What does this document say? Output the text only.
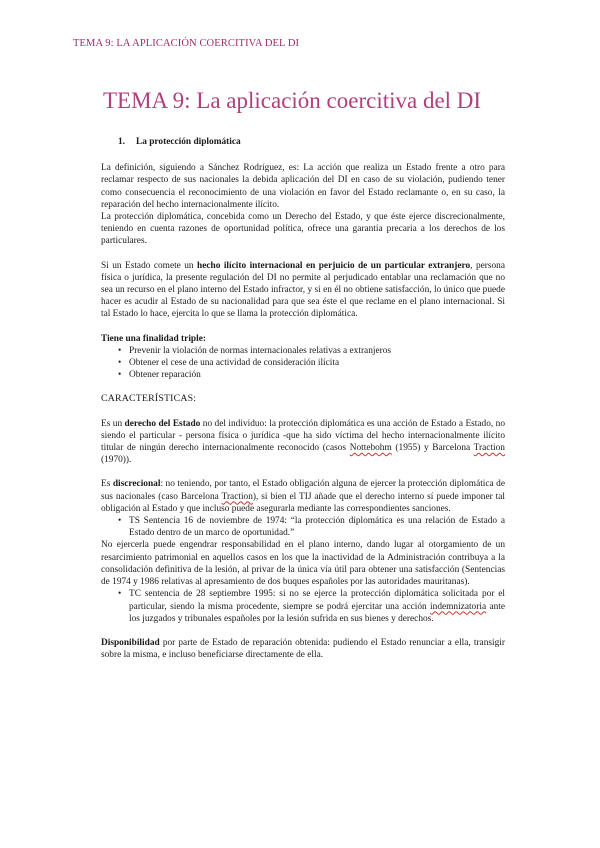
TEMA 9: LA APLICACIÓN COERCITIVA DEL DI
TEMA 9: La aplicación coercitiva del DI
1. La protección diplomática

La definición, siguiendo a Sánchez Rodríguez, es: La acción que realiza un Estado frente a otro para reclamar respecto de sus nacionales la debida aplicación del DI en caso de su violación, pudiendo tener como consecuencia el reconocimiento de una violación en favor del Estado reclamante o, en su caso, la reparación del hecho internacionalmente ilícito.

La protección diplomática, concebida como un Derecho del Estado, y que éste ejerce discrecionalmente, teniendo en cuenta razones de oportunidad política, ofrece una garantía precaria a los derechos de los particulares.

Si un Estado comete un hecho ilícito internacional en perjuicio de un particular extranjero, persona física o jurídica, la presente regulación del DI no permite al perjudicado entablar una reclamación que no sea un recurso en el plano interno del Estado infractor, y si en él no obtiene satisfacción, lo único que puede hacer es acudir al Estado de su nacionalidad para que sea éste el que reclame en el plano internacional. Si tal Estado lo hace, ejercita lo que se llama la protección diplomática.

Tiene una finalidad triple:

• Prevenir la violación de normas internacionales relativas a extranjeros
• Obtener el cese de una actividad de consideración ilícita
• Obtener reparación

CARACTERÍSTICAS:

Es un derecho del Estado no del individuo: la protección diplomática es una acción de Estado a Estado, no siendo el particular - persona física o jurídica -que ha sido víctima del hecho internacionalmente ilícito titular de ningún derecho internacionalmente reconocido (casos Nottebohm (1955) y Barcelona Traction (1970)).

Es discrecional: no teniendo, por tanto, el Estado obligación alguna de ejercer la protección diplomática de sus nacionales (caso Barcelona Traction), si bien el TIJ añade que el derecho interno sí puede imponer tal obligación al Estado y que incluso puede asegurarla mediante las correspondientes sanciones.

• TS Sentencia 16 de noviembre de 1974: “la protección diplomática es una relación de Estado a Estado dentro de un marco de oportunidad.”

No ejercerla puede engendrar responsabilidad en el plano interno, dando lugar al otorgamiento de un resarcimiento patrimonial en aquellos casos en los que la inactividad de la Administración contribuya a la consolidación definitiva de la lesión, al privar de la única vía útil para obtener una satisfacción (Sentencias de 1974 y 1986 relativas al apresamiento de dos buques españoles por las autoridades mauritanas).

• TC sentencia de 28 septiembre 1995: si no se ejerce la protección diplomática solicitada por el particular, siendo la misma procedente, siempre se podrá ejercitar una acción indemnizatoria ante los juzgados y tribunales españoles por la lesión sufrida en sus bienes y derechos.

Disponibilidad por parte de Estado de reparación obtenida: pudiendo el Estado renunciar a ella, transigir sobre la misma, e incluso beneficiarse directamente de ella.
